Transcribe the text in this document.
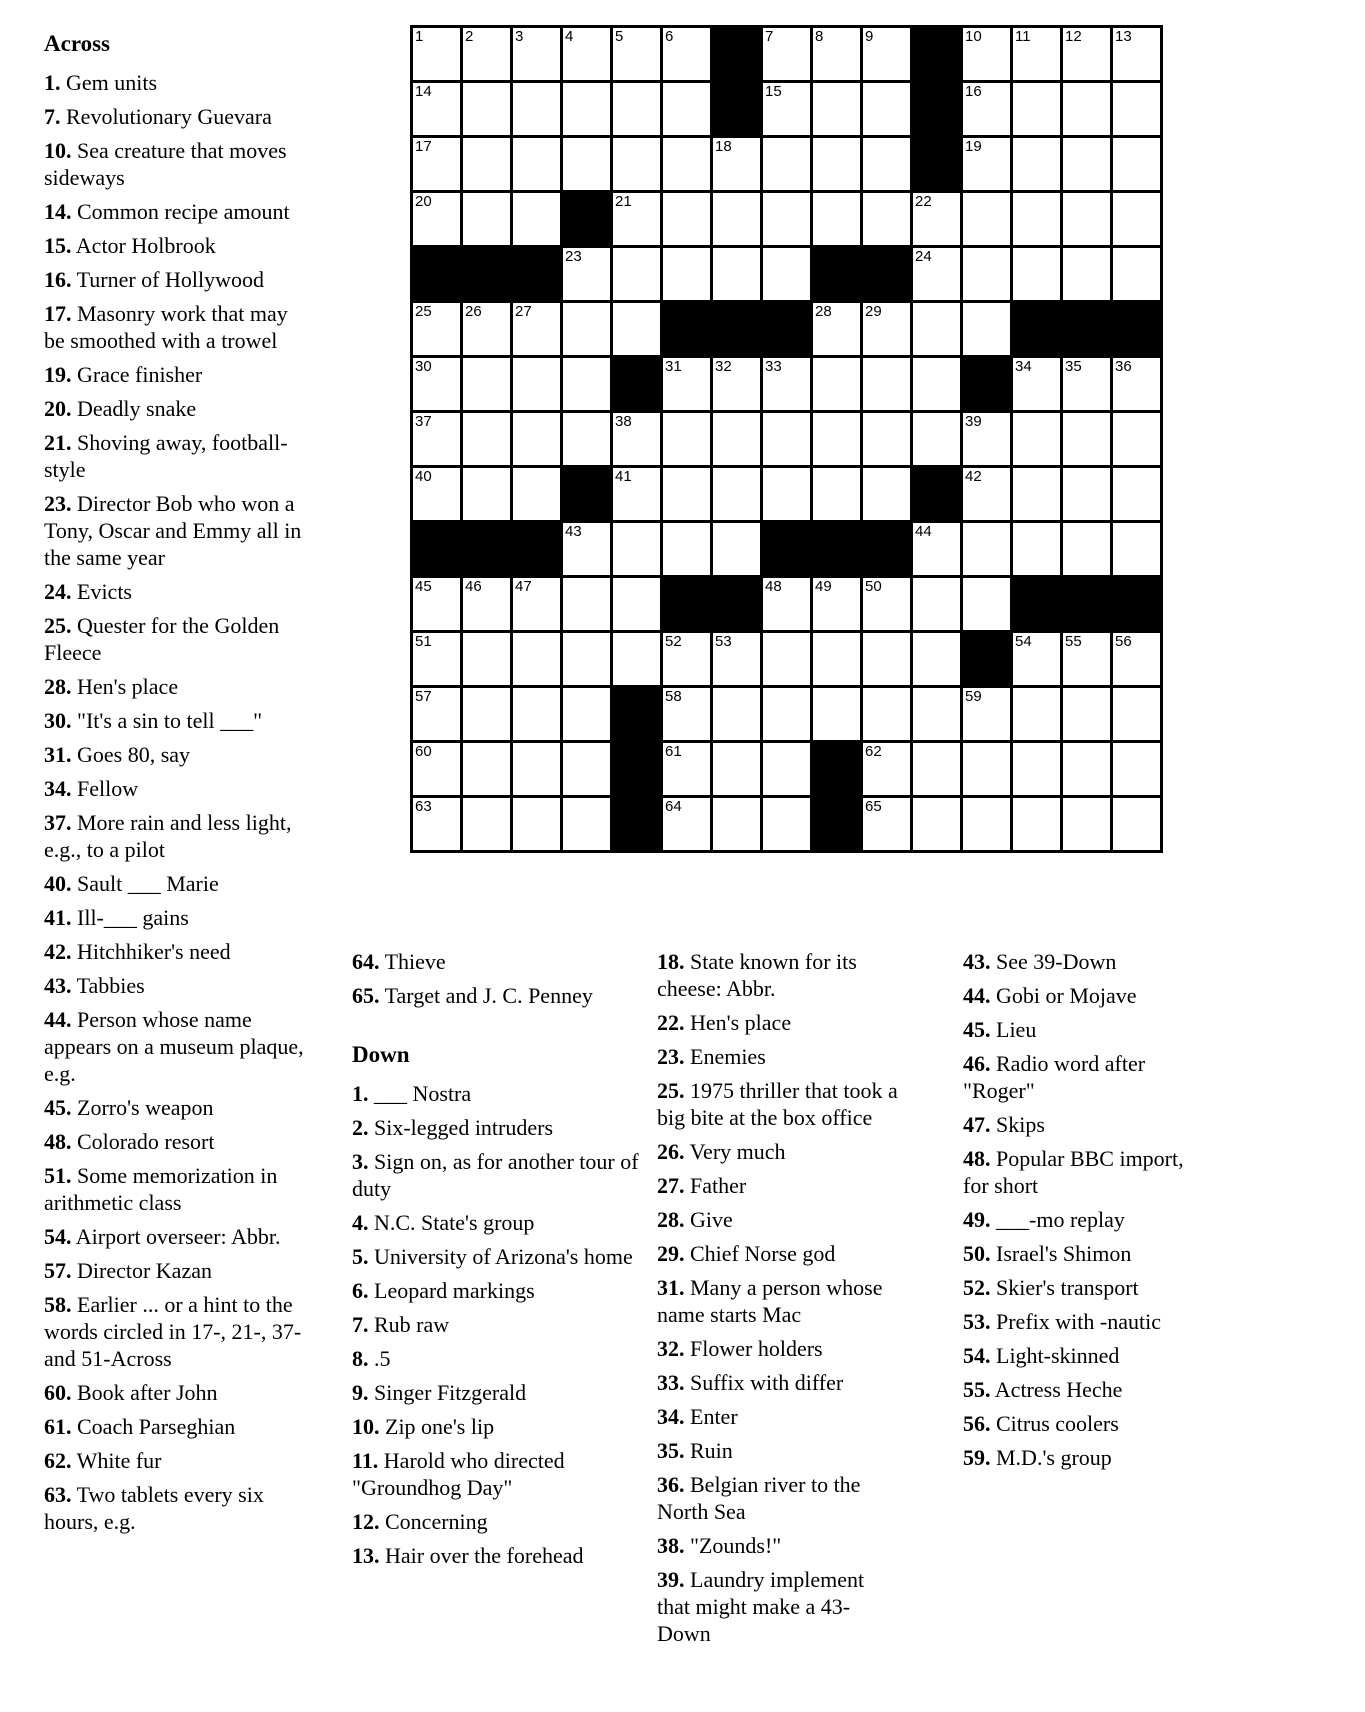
1	2	3	4	5	6	7	8	9	10 11 12 13
14	15	16
17	18	19
20	21	22
23	24
25 26 27	28 29
30	31 32 33	34 35 36
37	38	39
40	41	42
43	44
45 46 47	48 49 50
51	52 53	54 55 56
57	58	59
60	61	62
63	64	65
Across
1. Gem units
7. Revolutionary Guevara
10. Sea creature that moves sideways
14. Common recipe amount
15. Actor Holbrook
16. Turner of Hollywood
17. Masonry work that may be smoothed with a trowel
19. Grace finisher
20. Deadly snake
21. Shoving away, football-style
23. Director Bob who won a Tony, Oscar and Emmy all in the same year
24. Evicts
25. Quester for the Golden Fleece
28. Hen's place
30. "It's a sin to tell ___"
31. Goes 80, say
34. Fellow
37. More rain and less light, e.g., to a pilot
40. Sault ___ Marie
41. Ill-___ gains
42. Hitchhiker's need
43. Tabbies
44. Person whose name appears on a museum plaque, e.g.
45. Zorro's weapon
48. Colorado resort
51. Some memorization in arithmetic class
54. Airport overseer: Abbr.
57. Director Kazan
58. Earlier ... or a hint to the words circled in 17-, 21-, 37- and 51-Across
60. Book after John
61. Coach Parseghian
62. White fur
63. Two tablets every six hours, e.g.
64. Thieve
65. Target and J. C. Penney
Down
1. ___ Nostra
2. Six-legged intruders
3. Sign on, as for another tour of duty
4. N.C. State's group
5. University of Arizona's home
6. Leopard markings
7. Rub raw
8. .5
9. Singer Fitzgerald
10. Zip one's lip
11. Harold who directed "Groundhog Day"
12. Concerning
13. Hair over the forehead
18. State known for its cheese: Abbr.
22. Hen's place
23. Enemies
25. 1975 thriller that took a big bite at the box office
26. Very much
27. Father
28. Give
29. Chief Norse god
31. Many a person whose name starts Mac
32. Flower holders
33. Suffix with differ
34. Enter
35. Ruin
36. Belgian river to the North Sea
38. "Zounds!"
39. Laundry implement that might make a 43-Down
43. See 39-Down
44. Gobi or Mojave
45. Lieu
46. Radio word after "Roger"
47. Skips
48. Popular BBC import, for short
49. ___-mo replay
50. Israel's Shimon
52. Skier's transport
53. Prefix with -nautic
54. Light-skinned
55. Actress Heche
56. Citrus coolers
59. M.D.'s group
